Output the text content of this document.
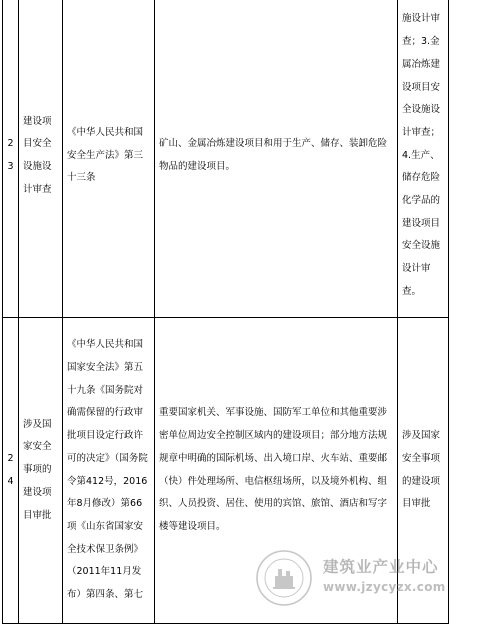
23	建设项目安全设施设计审查	《中华人民共和国安全生产法》第三十三条	矿山、金属冶炼建设项目和用于生产、储存、装卸危险物品的建设项目。	施设计审查；3.金属冶炼建设项目安全设施设计审查；4.生产、储存危险化学品的建设项目安全设施设计审查。

24	涉及国家安全事项的建设项目审批	《中华人民共和国国家安全法》第五十九条《国务院对确需保留的行政审批项目设定行政许可的决定》（国务院令第412号，2016年8月修改）第66项《山东省国家安全技术保卫条例》（2011年11月发布）第四条、第七	重要国家机关、军事设施、国防军工单位和其他重要涉密单位周边安全控制区域内的建设项目；部分地方法规规章中明确的国际机场、出入境口岸、火车站、重要邮（快）件处理场所、电信枢纽场所，以及境外机构、组织、人员投资、居住、使用的宾馆、旅馆、酒店和写字楼等建设项目。	涉及国家安全事项的建设项目审批
建筑业产业中心
www.jzycyzx.com
